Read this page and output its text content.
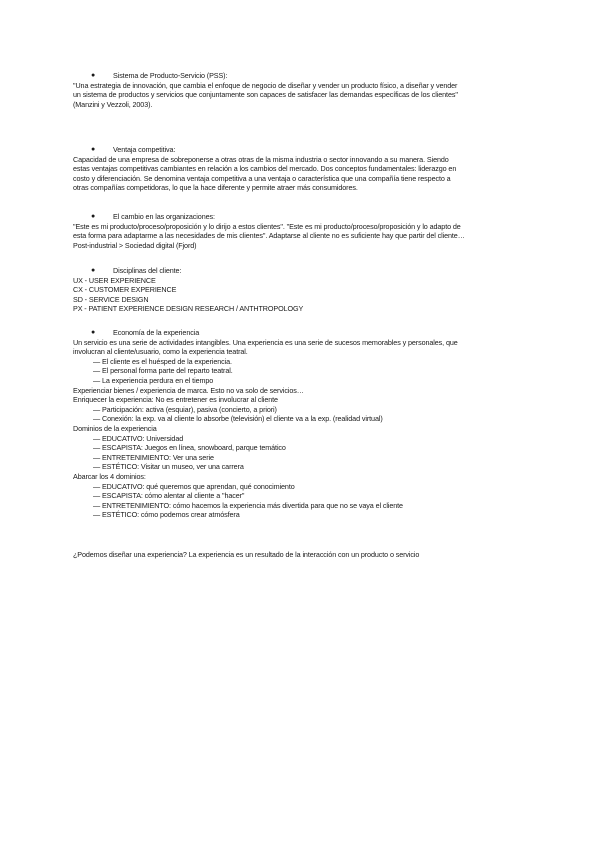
● Sistema de Producto-Servicio (PSS):
"Una estrategia de innovación, que cambia el enfoque de negocio de diseñar y vender un producto físico, a diseñar y vender
un sistema de productos y servicios que conjuntamente son capaces de satisfacer las demandas específicas de los clientes"
(Manzini y Vezzoli, 2003).
● Ventaja competitiva:
Capacidad de una empresa de sobreponerse a otras otras de la misma industria o sector innovando a su manera. Siendo
estas ventajas competitivas cambiantes en relación a los cambios del mercado. Dos conceptos fundamentales: liderazgo en
costo y diferenciación. Se denomina ventaja competitiva a una ventaja o característica que una compañía tiene respecto a
otras compañías competidoras, lo que la hace diferente y permite atraer más consumidores.
● El cambio en las organizaciones:
"Este es mi producto/proceso/proposición y lo dirijo a estos clientes". "Este es mi producto/proceso/proposición y lo adapto de
esta forma para adaptarme a las necesidades de mis clientes". Adaptarse al cliente no es suficiente hay que partir del cliente…
Post-industrial > Sociedad digital (Fjord)
● Disciplinas del cliente:
UX - USER EXPERIENCE
CX - CUSTOMER EXPERIENCE
SD - SERVICE DESIGN
PX - PATIENT EXPERIENCE DESIGN RESEARCH / ANTHTROPOLOGY
● Economía de la experiencia
Un servicio es una serie de actividades intangibles. Una experiencia es una serie de sucesos memorables y personales, que
involucran al cliente/usuario, como la experiencia teatral.
— El cliente es el huésped de la experiencia.
— El personal forma parte del reparto teatral.
— La experiencia perdura en el tiempo
Experienciar bienes / experiencia de marca. Esto no va solo de servicios…
Enriquecer la experiencia: No es entretener es involucrar al cliente
— Participación: activa (esquiar), pasiva (concierto, a priori)
— Conexión: la exp. va al cliente lo absorbe (televisión) el cliente va a la exp. (realidad virtual)
Dominios de la experiencia
— EDUCATIVO: Universidad
— ESCAPISTA: Juegos en línea, snowboard, parque temático
— ENTRETENIMIENTO: Ver una serie
— ESTÉTICO: Visitar un museo, ver una carrera
Abarcar los 4 dominios:
— EDUCATIVO: qué queremos que aprendan, qué conocimiento
— ESCAPISTA: cómo alentar al cliente a "hacer"
— ENTRETENIMIENTO: cómo hacemos la experiencia más divertida para que no se vaya el cliente
— ESTÉTICO: cómo podemos crear atmósfera
¿Podemos diseñar una experiencia? La experiencia es un resultado de la interacción con un producto o servicio
